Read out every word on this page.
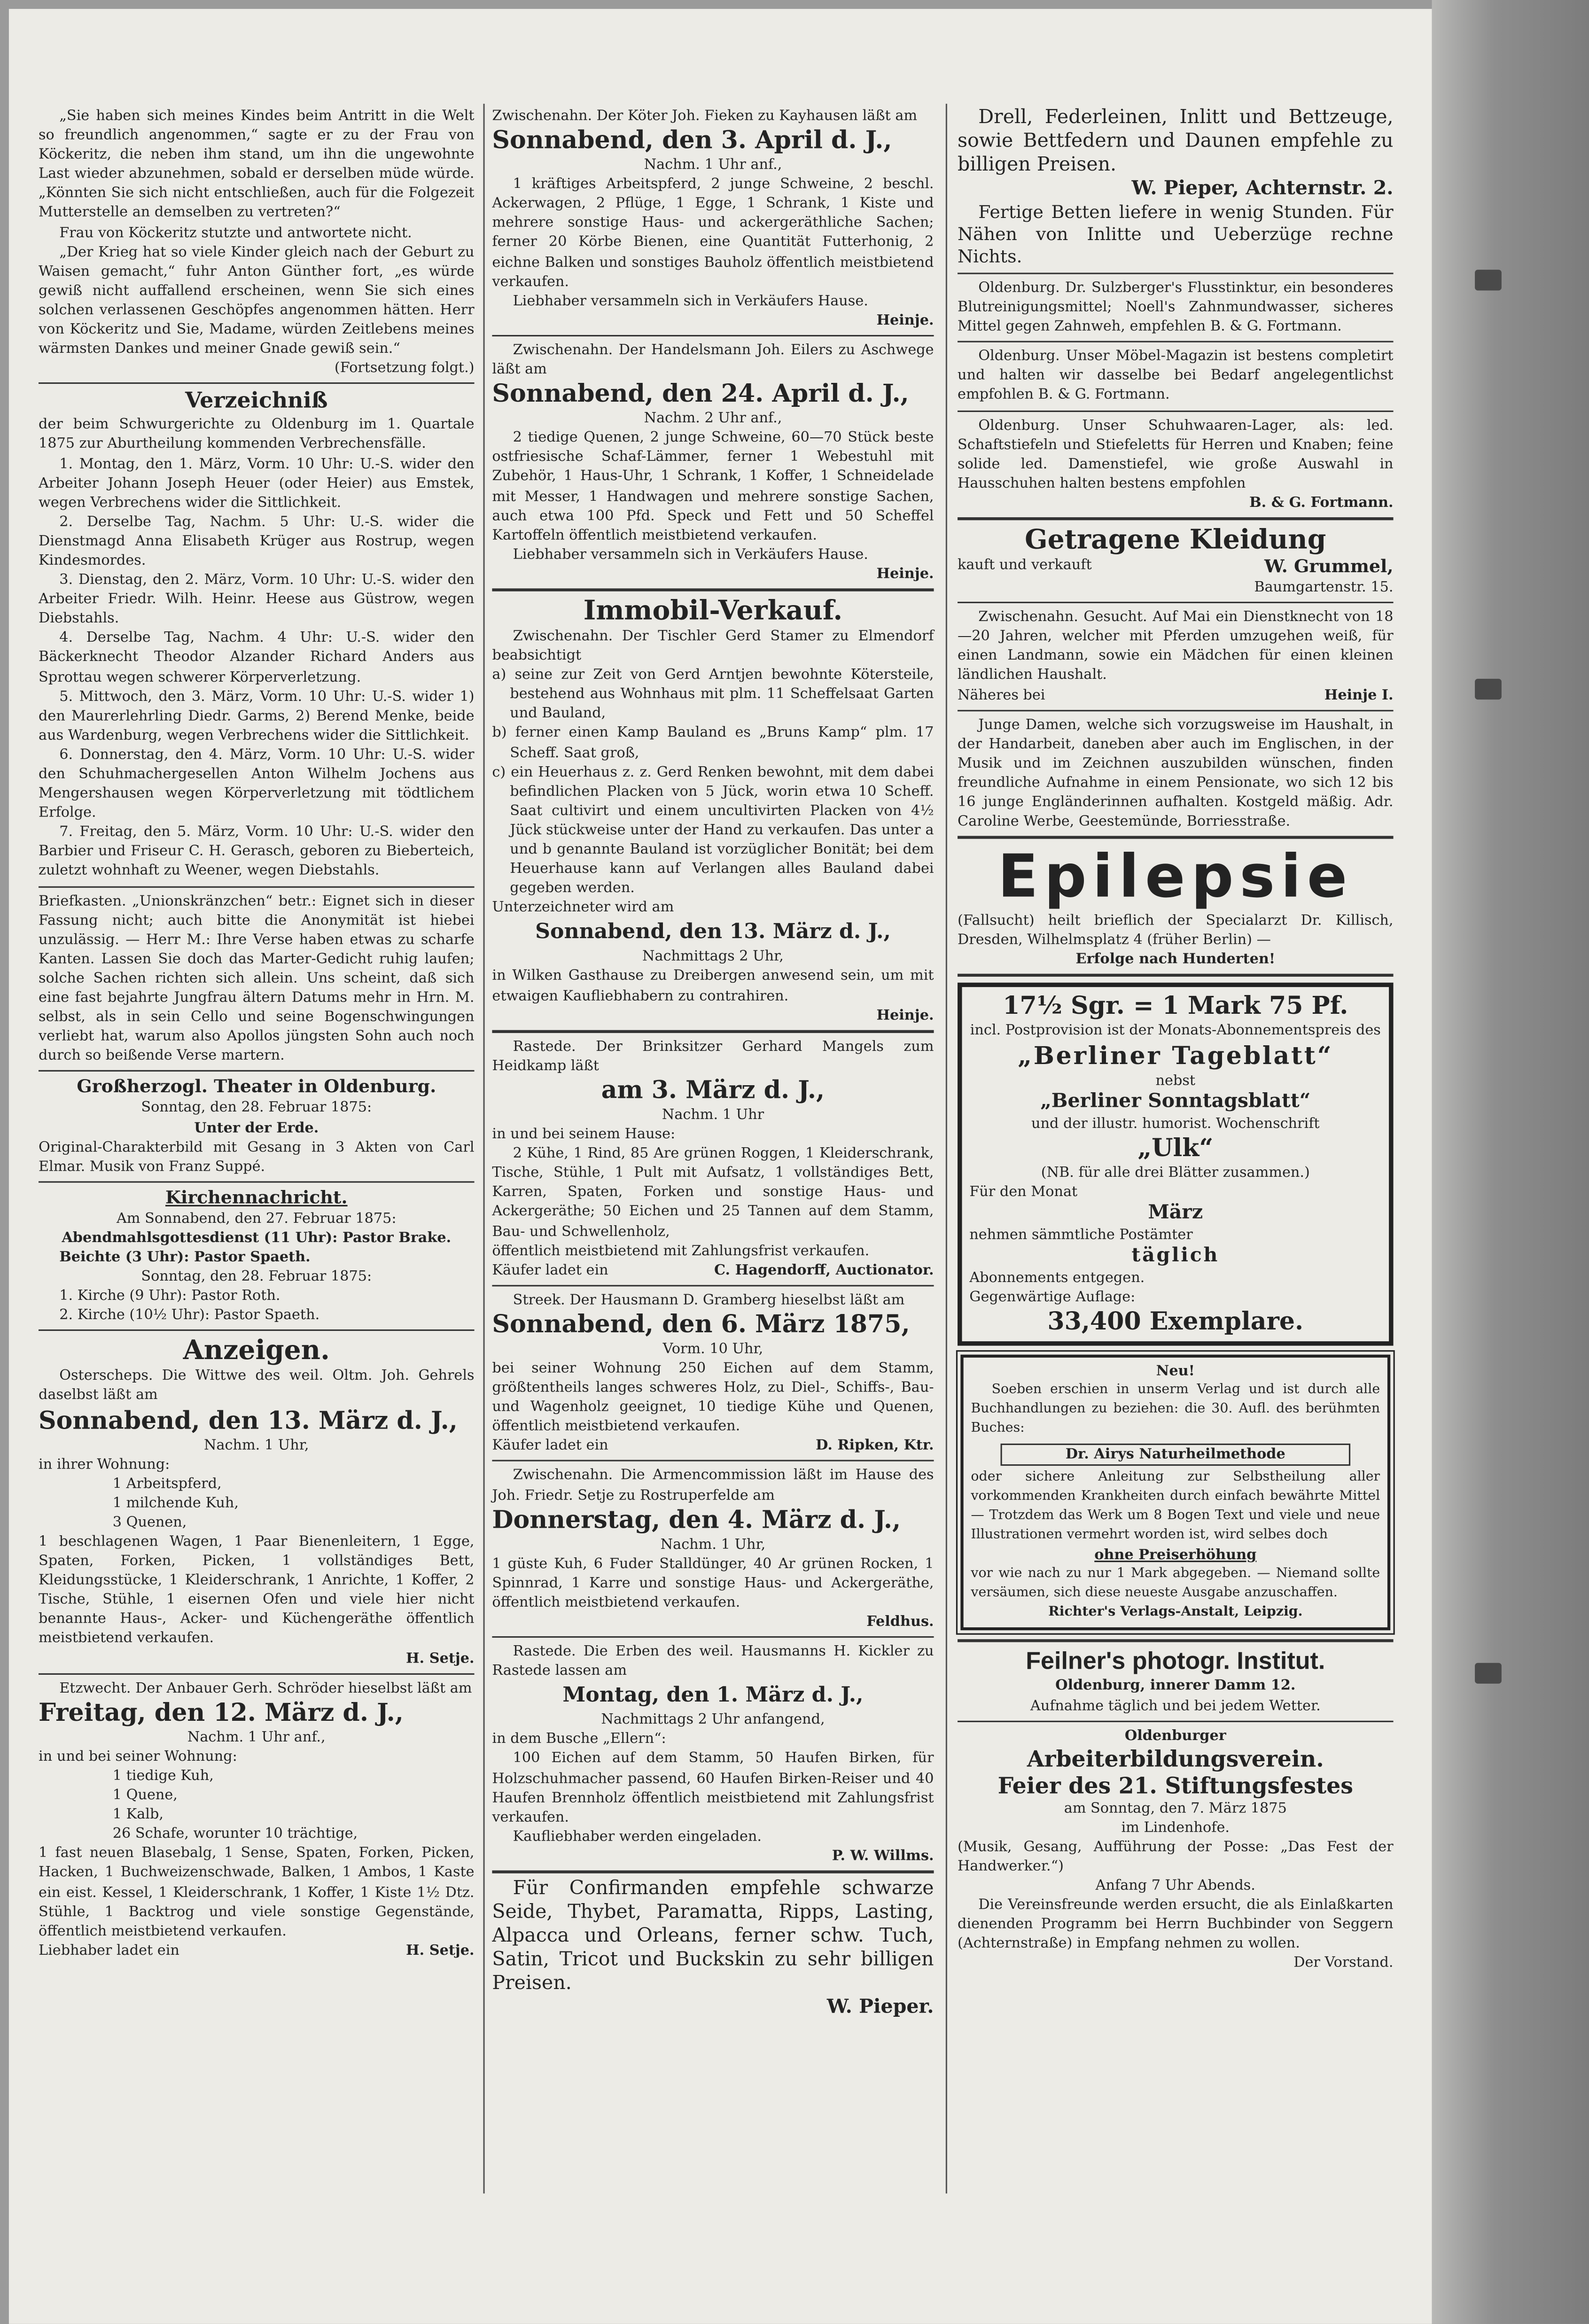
„Sie haben sich meines Kindes beim Antritt in die Welt so freundlich angenommen,“ sagte er zu der Frau von Köckeritz, die neben ihm stand, um ihn die ungewohnte Last wieder abzunehmen, sobald er derselben müde würde. „Könnten Sie sich nicht entschließen, auch für die Folgezeit Mutterstelle an demselben zu vertreten?“

Frau von Köckeritz stutzte und antwortete nicht.

„Der Krieg hat so viele Kinder gleich nach der Geburt zu Waisen gemacht,“ fuhr Anton Günther fort, „es würde gewiß nicht auffallend erscheinen, wenn Sie sich eines solchen verlassenen Geschöpfes angenommen hätten. Herr von Köckeritz und Sie, Madame, würden Zeitlebens meines wärmsten Dankes und meiner Gnade gewiß sein.“

(Fortsetzung folgt.)

Verzeichniß

der beim Schwurgerichte zu Oldenburg im 1. Quartale 1875 zur Aburtheilung kommenden Verbrechensfälle.

1. Montag, den 1. März, Vorm. 10 Uhr: U.-S. wider den Arbeiter Johann Joseph Heuer (oder Heier) aus Emstek, wegen Verbrechens wider die Sittlichkeit.

2. Derselbe Tag, Nachm. 5 Uhr: U.-S. wider die Dienstmagd Anna Elisabeth Krüger aus Rostrup, wegen Kindesmordes.

3. Dienstag, den 2. März, Vorm. 10 Uhr: U.-S. wider den Arbeiter Friedr. Wilh. Heinr. Heese aus Güstrow, wegen Diebstahls.

4. Derselbe Tag, Nachm. 4 Uhr: U.-S. wider den Bäckerknecht Theodor Alzander Richard Anders aus Sprottau wegen schwerer Körperverletzung.

5. Mittwoch, den 3. März, Vorm. 10 Uhr: U.-S. wider 1) den Maurerlehrling Diedr. Garms, 2) Berend Menke, beide aus Wardenburg, wegen Verbrechens wider die Sittlichkeit.

6. Donnerstag, den 4. März, Vorm. 10 Uhr: U.-S. wider den Schuhmachergesellen Anton Wilhelm Jochens aus Mengershausen wegen Körperverletzung mit tödtlichem Erfolge.

7. Freitag, den 5. März, Vorm. 10 Uhr: U.-S. wider den Barbier und Friseur C. H. Gerasch, geboren zu Bieberteich, zuletzt wohnhaft zu Weener, wegen Diebstahls.

Briefkasten. „Unionskränzchen“ betr.: Eignet sich in dieser Fassung nicht; auch bitte die Anonymität ist hiebei unzulässig. — Herr M.: Ihre Verse haben etwas zu scharfe Kanten. Lassen Sie doch das Marter-Gedicht ruhig laufen; solche Sachen richten sich allein. Uns scheint, daß sich eine fast bejahrte Jungfrau ältern Datums mehr in Hrn. M. selbst, als in sein Cello und seine Bogenschwingungen verliebt hat, warum also Apollos jüngsten Sohn auch noch durch so beißende Verse martern.

Großherzogl. Theater in Oldenburg.

Sonntag, den 28. Februar 1875:

Unter der Erde.

Original-Charakterbild mit Gesang in 3 Akten von Carl Elmar. Musik von Franz Suppé.

Kirchennachricht.

Am Sonnabend, den 27. Februar 1875:

Abendmahlsgottesdienst (11 Uhr): Pastor Brake.

Beichte (3 Uhr): Pastor Spaeth.

Sonntag, den 28. Februar 1875:

1. Kirche (9 Uhr): Pastor Roth.

2. Kirche (10½ Uhr): Pastor Spaeth.

Anzeigen.

Osterscheps. Die Wittwe des weil. Oltm. Joh. Gehrels daselbst läßt am

Sonnabend, den 13. März d. J.,

Nachm. 1 Uhr,

in ihrer Wohnung:

1 Arbeitspferd,

1 milchende Kuh,

3 Quenen,

1 beschlagenen Wagen, 1 Paar Bienenleitern, 1 Egge, Spaten, Forken, Picken, 1 vollständiges Bett, Kleidungsstücke, 1 Kleiderschrank, 1 Anrichte, 1 Koffer, 2 Tische, Stühle, 1 eisernen Ofen und viele hier nicht benannte Haus-, Acker- und Küchengeräthe öffentlich meistbietend verkaufen.

H. Setje.

Etzwecht. Der Anbauer Gerh. Schröder hieselbst läßt am

Freitag, den 12. März d. J.,

Nachm. 1 Uhr anf.,

in und bei seiner Wohnung:

1 tiedige Kuh,

1 Quene,

1 Kalb,

26 Schafe, worunter 10 trächtige,

1 fast neuen Blasebalg, 1 Sense, Spaten, Forken, Picken, Hacken, 1 Buchweizenschwade, Balken, 1 Ambos, 1 Kaste ein eist. Kessel, 1 Kleiderschrank, 1 Koffer, 1 Kiste 1½ Dtz. Stühle, 1 Backtrog und viele sonstige Gegenstände, öffentlich meistbietend verkaufen.

Liebhaber ladet ein	H. Setje.

Zwischenahn. Der Köter Joh. Fieken zu Kayhausen läßt am

Sonnabend, den 3. April d. J.,

Nachm. 1 Uhr anf.,

1 kräftiges Arbeitspferd, 2 junge Schweine, 2 beschl. Ackerwagen, 2 Pflüge, 1 Egge, 1 Schrank, 1 Kiste und mehrere sonstige Haus- und ackergeräthliche Sachen; ferner 20 Körbe Bienen, eine Quantität Futterhonig, 2 eichne Balken und sonstiges Bauholz öffentlich meistbietend verkaufen.

Liebhaber versammeln sich in Verkäufers Hause.

Heinje.

Zwischenahn. Der Handelsmann Joh. Eilers zu Aschwege läßt am

Sonnabend, den 24. April d. J.,

Nachm. 2 Uhr anf.,

2 tiedige Quenen, 2 junge Schweine, 60—70 Stück beste ostfriesische Schaf-Lämmer, ferner 1 Webestuhl mit Zubehör, 1 Haus-Uhr, 1 Schrank, 1 Koffer, 1 Schneidelade mit Messer, 1 Handwagen und mehrere sonstige Sachen, auch etwa 100 Pfd. Speck und Fett und 50 Scheffel Kartoffeln öffentlich meistbietend verkaufen.

Liebhaber versammeln sich in Verkäufers Hause.

Heinje.

Immobil-Verkauf.

Zwischenahn. Der Tischler Gerd Stamer zu Elmendorf beabsichtigt

a) seine zur Zeit von Gerd Arntjen bewohnte Kötersteile, bestehend aus Wohnhaus mit plm. 11 Scheffelsaat Garten und Bauland,

b) ferner einen Kamp Bauland es „Bruns Kamp“ plm. 17 Scheff. Saat groß,

c) ein Heuerhaus z. z. Gerd Renken bewohnt, mit dem dabei befindlichen Placken von 5 Jück, worin etwa 10 Scheff. Saat cultivirt und einem uncultivirten Placken von 4½ Jück stückweise unter der Hand zu verkaufen. Das unter a und b genannte Bauland ist vorzüglicher Bonität; bei dem Heuerhause kann auf Verlangen alles Bauland dabei gegeben werden.

Unterzeichneter wird am

Sonnabend, den 13. März d. J.,

Nachmittags 2 Uhr,

in Wilken Gasthause zu Dreibergen anwesend sein, um mit etwaigen Kaufliebhabern zu contrahiren.

Heinje.

Rastede. Der Brinksitzer Gerhard Mangels zum Heidkamp läßt

am 3. März d. J.,

Nachm. 1 Uhr

in und bei seinem Hause:

2 Kühe, 1 Rind, 85 Are grünen Roggen, 1 Kleiderschrank, Tische, Stühle, 1 Pult mit Aufsatz, 1 vollständiges Bett, Karren, Spaten, Forken und sonstige Haus- und Ackergeräthe; 50 Eichen und 25 Tannen auf dem Stamm, Bau- und Schwellenholz,

öffentlich meistbietend mit Zahlungsfrist verkaufen.

Käufer ladet ein	C. Hagendorff, Auctionator.

Streek. Der Hausmann D. Gramberg hieselbst läßt am

Sonnabend, den 6. März 1875,

Vorm. 10 Uhr,

bei seiner Wohnung 250 Eichen auf dem Stamm, größtentheils langes schweres Holz, zu Diel-, Schiffs-, Bau- und Wagenholz geeignet, 10 tiedige Kühe und Quenen, öffentlich meistbietend verkaufen.

Käufer ladet ein	D. Ripken, Ktr.

Zwischenahn. Die Armencommission läßt im Hause des Joh. Friedr. Setje zu Rostruperfelde am

Donnerstag, den 4. März d. J.,

Nachm. 1 Uhr,

1 güste Kuh, 6 Fuder Stalldünger, 40 Ar grünen Rocken, 1 Spinnrad, 1 Karre und sonstige Haus- und Ackergeräthe, öffentlich meistbietend verkaufen.

Feldhus.

Rastede. Die Erben des weil. Hausmanns H. Kickler zu Rastede lassen am

Montag, den 1. März d. J.,

Nachmittags 2 Uhr anfangend,

in dem Busche „Ellern“:

100 Eichen auf dem Stamm, 50 Haufen Birken, für Holzschuhmacher passend, 60 Haufen Birken-Reiser und 40 Haufen Brennholz öffentlich meistbietend mit Zahlungsfrist verkaufen.

Kaufliebhaber werden eingeladen.

P. W. Willms.

Für Confirmanden empfehle schwarze Seide, Thybet, Paramatta, Ripps, Lasting, Alpacca und Orleans, ferner schw. Tuch, Satin, Tricot und Buckskin zu sehr billigen Preisen.

W. Pieper.

Drell, Federleinen, Inlitt und Bettzeuge, sowie Bettfedern und Daunen empfehle zu billigen Preisen.

W. Pieper, Achternstr. 2.

Fertige Betten liefere in wenig Stunden. Für Nähen von Inlitte und Ueberzüge rechne Nichts.

Oldenburg. Dr. Sulzberger's Flusstinktur, ein besonderes Blutreinigungsmittel; Noell's Zahnmundwasser, sicheres Mittel gegen Zahnweh, empfehlen B. & G. Fortmann.

Oldenburg. Unser Möbel-Magazin ist bestens completirt und halten wir dasselbe bei Bedarf angelegentlichst empfohlen B. & G. Fortmann.

Oldenburg. Unser Schuhwaaren-Lager, als: led. Schaftstiefeln und Stiefeletts für Herren und Knaben; feine solide led. Damenstiefel, wie große Auswahl in Hausschuhen halten bestens empfohlen

B. & G. Fortmann.

Getragene Kleidung

kauft und verkauft	W. Grummel,

Baumgartenstr. 15.

Zwischenahn. Gesucht. Auf Mai ein Dienstknecht von 18—20 Jahren, welcher mit Pferden umzugehen weiß, für einen Landmann, sowie ein Mädchen für einen kleinen ländlichen Haushalt.

Näheres bei	Heinje I.

Junge Damen, welche sich vorzugsweise im Haushalt, in der Handarbeit, daneben aber auch im Englischen, in der Musik und im Zeichnen auszubilden wünschen, finden freundliche Aufnahme in einem Pensionate, wo sich 12 bis 16 junge Engländerinnen aufhalten. Kostgeld mäßig. Adr. Caroline Werbe, Geestemünde, Borriesstraße.

Epilepsie

(Fallsucht) heilt brieflich der Specialarzt Dr. Killisch, Dresden, Wilhelmsplatz 4 (früher Berlin) —

Erfolge nach Hunderten!

17½ Sgr. = 1 Mark 75 Pf.

incl. Postprovision ist der Monats-Abonnementspreis des

„Berliner Tageblatt“

nebst

„Berliner Sonntagsblatt“

und der illustr. humorist. Wochenschrift

„Ulk“

(NB. für alle drei Blätter zusammen.)

Für den Monat

März

nehmen sämmtliche Postämter

täglich

Abonnements entgegen.

Gegenwärtige Auflage:

33,400 Exemplare.

Neu!

Soeben erschien in unserm Verlag und ist durch alle Buchhandlungen zu beziehen: die 30. Aufl. des berühmten Buches:

Dr. Airys Naturheilmethode

oder sichere Anleitung zur Selbstheilung aller vorkommenden Krankheiten durch einfach bewährte Mittel — Trotzdem das Werk um 8 Bogen Text und viele und neue Illustrationen vermehrt worden ist, wird selbes doch

ohne Preiserhöhung

vor wie nach zu nur 1 Mark abgegeben. — Niemand sollte versäumen, sich diese neueste Ausgabe anzuschaffen.

Richter's Verlags-Anstalt, Leipzig.

Feilner's photogr. Institut.

Oldenburg, innerer Damm 12.

Aufnahme täglich und bei jedem Wetter.

Oldenburger

Arbeiterbildungsverein.

Feier des 21. Stiftungsfestes

am Sonntag, den 7. März 1875

im Lindenhofe.

(Musik, Gesang, Aufführung der Posse: „Das Fest der Handwerker.“)

Anfang 7 Uhr Abends.

Die Vereinsfreunde werden ersucht, die als Einlaßkarten dienenden Programm bei Herrn Buchbinder von Seggern (Achternstraße) in Empfang nehmen zu wollen.

Der Vorstand.
